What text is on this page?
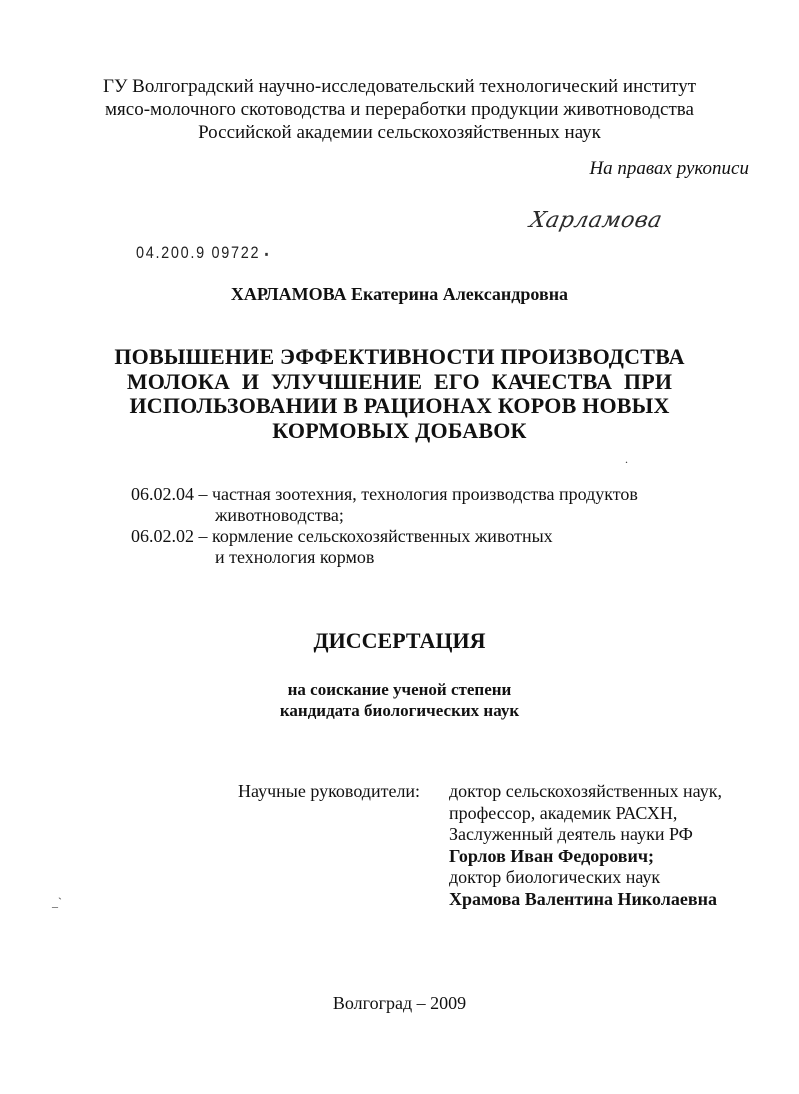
ГУ Волгоградский научно-исследовательский технологический институт
мясо-молочного скотоводства и переработки продукции животноводства
Российской академии сельскохозяйственных наук
На правах рукописи
Харламова
04.200.9 09722 ▪
ХАРЛАМОВА Екатерина Александровна
ПОВЫШЕНИЕ ЭФФЕКТИВНОСТИ ПРОИЗВОДСТВА
МОЛОКА И УЛУЧШЕНИЕ ЕГО КАЧЕСТВА ПРИ
ИСПОЛЬЗОВАНИИ В РАЦИОНАХ КОРОВ НОВЫХ
КОРМОВЫХ ДОБАВОК
06.02.04 – частная зоотехния, технология производства продуктов
животноводства;
06.02.02 – кормление сельскохозяйственных животных
и технология кормов
ДИССЕРТАЦИЯ
на соискание ученой степени
кандидата биологических наук
Научные руководители: доктор сельскохозяйственных наук,
профессор, академик РАСХН,
Заслуженный деятель науки РФ
Горлов Иван Федорович;
доктор биологических наук
Храмова Валентина Николаевна
_`
.
Волгоград – 2009
